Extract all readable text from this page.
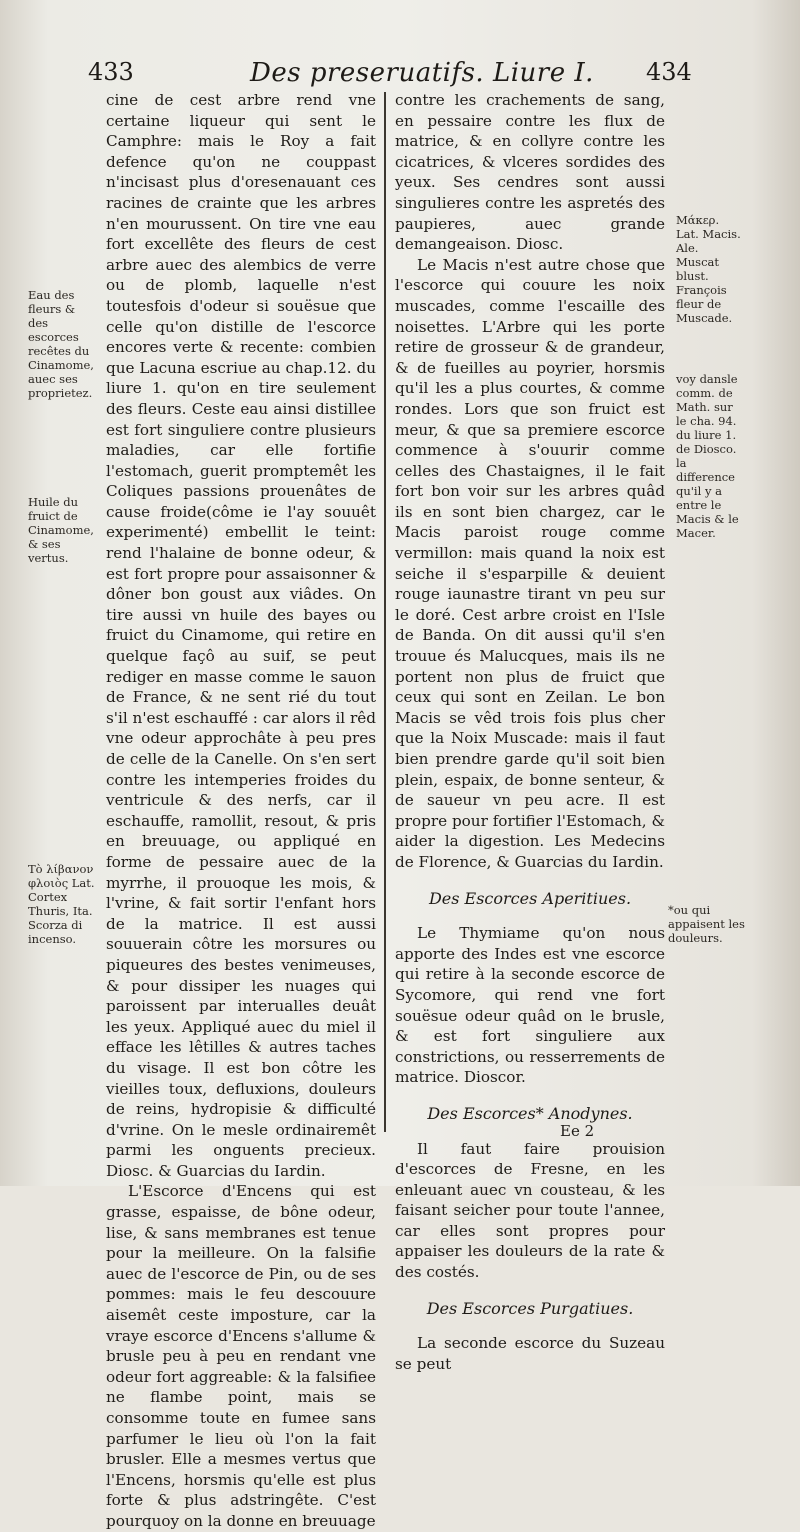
433	Des preseruatifs. Liure I. 434

cine de cest arbre rend vne certaine liqueur qui sent le Camphre: mais le Roy a fait defence qu'on ne couppast n'incisast plus d'oresenauant ces racines de crainte que les arbres n'en mourussent. On tire vne eau fort excellête des fleurs de cest arbre auec des alembics de verre ou de plomb, laquelle n'est toutesfois d'odeur si souësue que celle qu'on distille de l'escorce encores verte & recente: combien que Lacuna escriue au chap.12. du liure 1. qu'on en tire seulement des fleurs. Ceste eau ainsi distillee est fort singuliere contre plusieurs maladies, car elle fortifie l'estomach, guerit promptemêt les Coliques passions prouenâtes de cause froide(côme ie l'ay souuêt experimenté) embellit le teint: rend l'halaine de bonne odeur, & est fort propre pour assaisonner & dôner bon goust aux viâdes. On tire aussi vn huile des bayes ou fruict du Cinamome, qui retire en quelque façô au suif, se peut rediger en masse comme le sauon de France, & ne sent rié du tout s'il n'est eschauffé : car alors il rêd vne odeur approchâte à peu pres de celle de la Canelle. On s'en sert contre les intemperies froides du ventricule & des nerfs, car il eschauffe, ramollit, resout, & pris en breuuage, ou appliqué en forme de pessaire auec de la myrrhe, il prouoque les mois, & l'vrine, & fait sortir l'enfant hors de la matrice. Il est aussi souuerain côtre les morsures ou piqueures des bestes venimeuses, & pour dissiper les nuages qui paroissent par interualles deuât les yeux. Appliqué auec du miel il efface les lêtilles & autres taches du visage. Il est bon côtre les vieilles toux, defluxions, douleurs de reins, hydropisie & difficulté d'vrine. On le mesle ordinairemêt parmi les onguents precieux. Diosc. & Guarcias du Iardin.

L'Escorce d'Encens qui est grasse, espaisse, de bône odeur, lise, & sans membranes est tenue pour la meilleure. On la falsifie auec de l'escorce de Pin, ou de ses pommes: mais le feu descouure aisemêt ceste imposture, car la vraye escorce d'Encens s'allume & brusle peu à peu en rendant vne odeur fort aggreable: & la falsifiee ne flambe point, mais se consomme toute en fumee sans parfumer le lieu où l'on la fait brusler. Elle a mesmes vertus que l'Encens, horsmis qu'elle est plus forte & plus adstringête. C'est pourquoy on la donne en breuuage

contre les crachements de sang, en pessaire contre les flux de matrice, & en collyre contre les cicatrices, & vlceres sordides des yeux. Ses cendres sont aussi singulieres contre les aspretés des paupieres, auec grande demangeaison. Diosc.

Le Macis n'est autre chose que l'escorce qui couure les noix muscades, comme l'escaille des noisettes. L'Arbre qui les porte retire de grosseur & de grandeur, & de fueilles au poyrier, horsmis qu'il les a plus courtes, & comme rondes. Lors que son fruict est meur, & que sa premiere escorce commence à s'ouurir comme celles des Chastaignes, il le fait fort bon voir sur les arbres quâd ils en sont bien chargez, car le Macis paroist rouge comme vermillon: mais quand la noix est seiche il s'esparpille & deuient rouge iaunastre tirant vn peu sur le doré. Cest arbre croist en l'Isle de Banda. On dit aussi qu'il s'en trouue és Malucques, mais ils ne portent non plus de fruict que ceux qui sont en Zeilan. Le bon Macis se vêd trois fois plus cher que la Noix Muscade: mais il faut bien prendre garde qu'il soit bien plein, espaix, de bonne senteur, & de saueur vn peu acre. Il est propre pour fortifier l'Estomach, & aider la digestion. Les Medecins de Florence, & Guarcias du Iardin.

Des Escorces Aperitiues.

Le Thymiame qu'on nous apporte des Indes est vne escorce qui retire à la seconde escorce de Sycomore, qui rend vne fort souësue odeur quâd on le brusle, & est fort singuliere aux constrictions, ou resserrements de matrice. Dioscor.

Des Escorces* Anodynes.

Il faut faire prouision d'escorces de Fresne, en les enleuant auec vn cousteau, & les faisant seicher pour toute l'annee, car elles sont propres pour appaiser les douleurs de la rate & des costés.

Des Escorces Purgatiues.

La seconde escorce du Suzeau se peut

Eau des fleurs & des escorces recêtes du Cinamome, auec ses proprietez.
Huile du fruict de Cinamome, & ses vertus.
Τὸ λίβανον φλοιὸς Lat. Cortex Thuris, Ita. Scorza di incenso.
Μάκερ. Lat. Macis. Ale. Muscat blust. François fleur de Muscade.
voy dansle comm. de Math. sur le cha. 94. du liure 1. de Diosco. la difference qu'il y a entre le Macis & le Macer.
*ou qui appaisent les douleurs.
Ee 2
